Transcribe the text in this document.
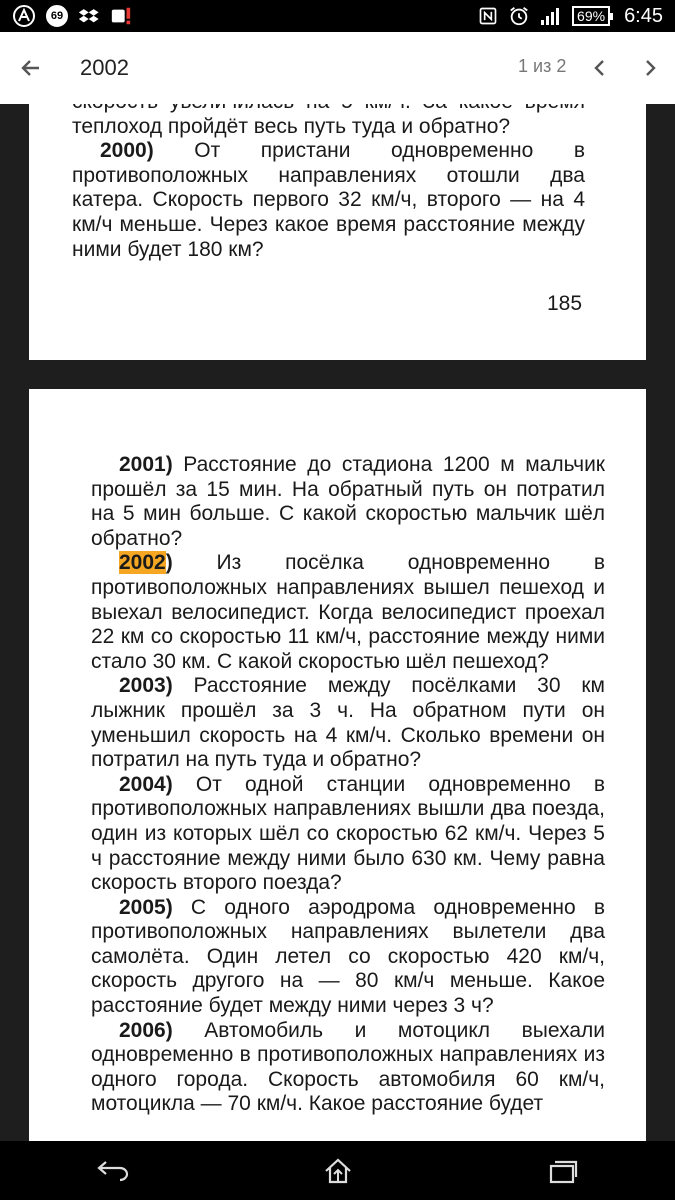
69	69% 6:45
2002	1 из 2

теплоход пройдёт весь путь туда и обратно?

2000) От пристани одновременно в противоположных направлениях отошли два катера. Скорость первого 32 км/ч, второго — на 4 км/ч меньше. Через какое время расстояние между ними будет 180 км?

185

2001) Расстояние до стадиона 1200 м мальчик прошёл за 15 мин. На обратный путь он потратил на 5 мин больше. С какой скоростью мальчик шёл обратно?

2002) Из посёлка одновременно в противоположных направлениях вышел пешеход и выехал велосипедист. Когда велосипедист проехал 22 км со скоростью 11 км/ч, расстояние между ними стало 30 км. С какой скоростью шёл пешеход?

2003) Расстояние между посёлками 30 км лыжник прошёл за 3 ч. На обратном пути он уменьшил скорость на 4 км/ч. Сколько времени он потратил на путь туда и обратно?

2004) От одной станции одновременно в противоположных направлениях вышли два поезда, один из которых шёл со скоростью 62 км/ч. Через 5 ч расстояние между ними было 630 км. Чему равна скорость второго поезда?

2005) С одного аэродрома одновременно в противоположных направлениях вылетели два самолёта. Один летел со скоростью 420 км/ч, скорость другого на — 80 км/ч меньше. Какое расстояние будет между ними через 3 ч?

2006) Автомобиль и мотоцикл выехали одновременно в противоположных направлениях из одного города. Скорость автомобиля 60 км/ч, мотоцикла — 70 км/ч. Какое расстояние будет
